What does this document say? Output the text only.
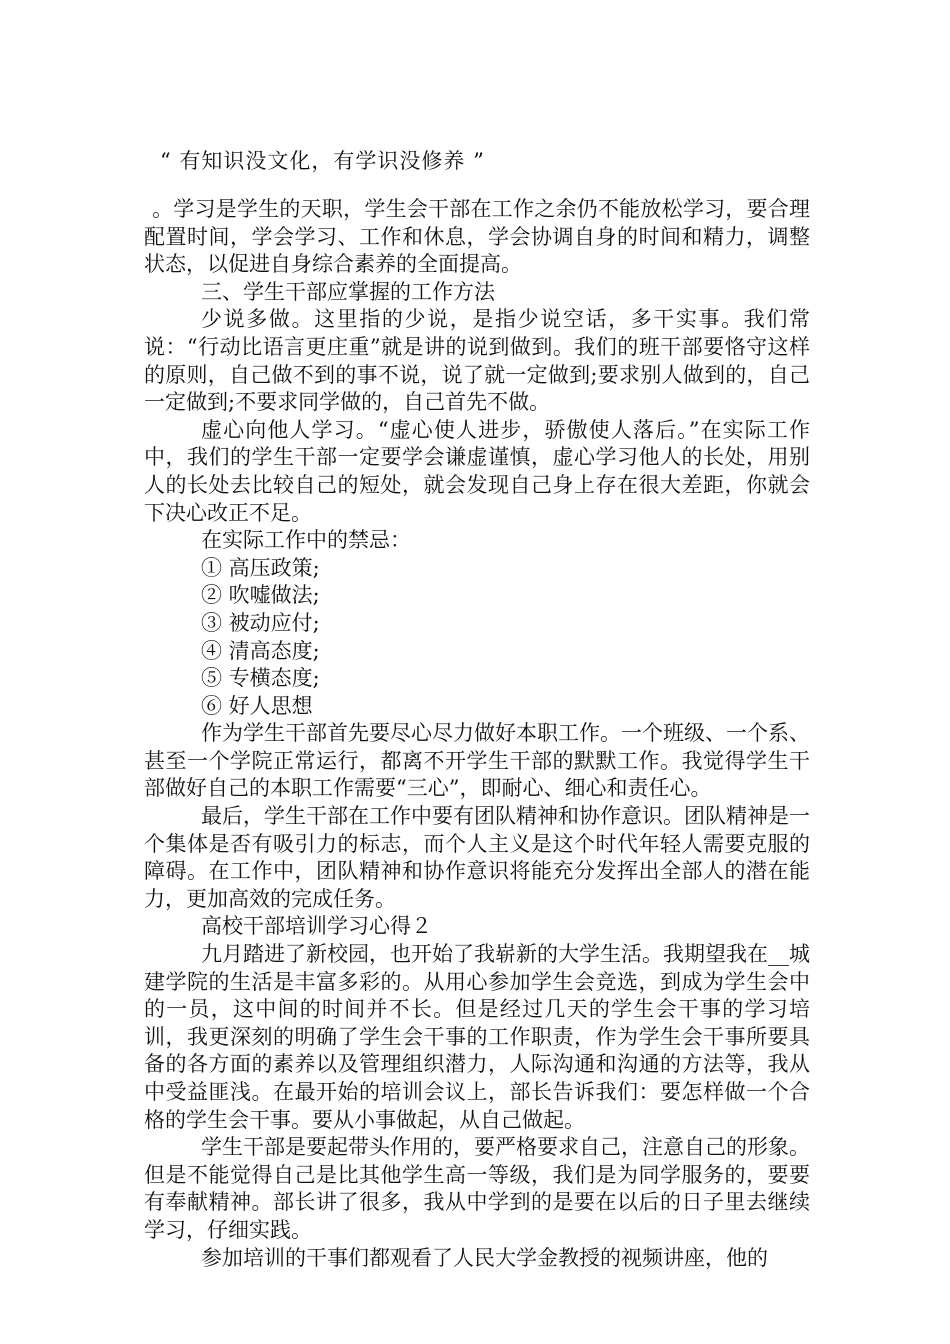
“ 有知识没文化，有学识没修养 ”

。学习是学生的天职，学生会干部在工作之余仍不能放松学习，要合理配置时间，学会学习、工作和休息，学会协调自身的时间和精力，调整状态，以促进自身综合素养的全面提高。

三、学生干部应掌握的工作方法

少说多做。这里指的少说，是指少说空话，多干实事。我们常说：“行动比语言更庄重”就是讲的说到做到。我们的班干部要恪守这样的原则，自己做不到的事不说，说了就一定做到;要求别人做到的，自己一定做到;不要求同学做的，自己首先不做。

虚心向他人学习。“虚心使人进步，骄傲使人落后。”在实际工作中，我们的学生干部一定要学会谦虚谨慎，虚心学习他人的长处，用别人的长处去比较自己的短处，就会发现自己身上存在很大差距，你就会下决心改正不足。

在实际工作中的禁忌：

① 高压政策;

② 吹嘘做法;

③ 被动应付;

④ 清高态度;

⑤ 专横态度;

⑥ 好人思想

作为学生干部首先要尽心尽力做好本职工作。一个班级、一个系、甚至一个学院正常运行，都离不开学生干部的默默工作。我觉得学生干部做好自己的本职工作需要“三心”，即耐心、细心和责任心。

最后，学生干部在工作中要有团队精神和协作意识。团队精神是一个集体是否有吸引力的标志，而个人主义是这个时代年轻人需要克服的障碍。在工作中，团队精神和协作意识将能充分发挥出全部人的潜在能力，更加高效的完成任务。

高校干部培训学习心得２

九月踏进了新校园，也开始了我崭新的大学生活。我期望我在__城建学院的生活是丰富多彩的。从用心参加学生会竞选，到成为学生会中的一员，这中间的时间并不长。但是经过几天的学生会干事的学习培训，我更深刻的明确了学生会干事的工作职责，作为学生会干事所要具备的各方面的素养以及管理组织潜力，人际沟通和沟通的方法等，我从中受益匪浅。在最开始的培训会议上，部长告诉我们：要怎样做一个合格的学生会干事。要从小事做起，从自己做起。

学生干部是要起带头作用的，要严格要求自己，注意自己的形象。但是不能觉得自己是比其他学生高一等级，我们是为同学服务的，要要有奉献精神。部长讲了很多，我从中学到的是要在以后的日子里去继续学习，仔细实践。

参加培训的干事们都观看了人民大学金教授的视频讲座，他的
